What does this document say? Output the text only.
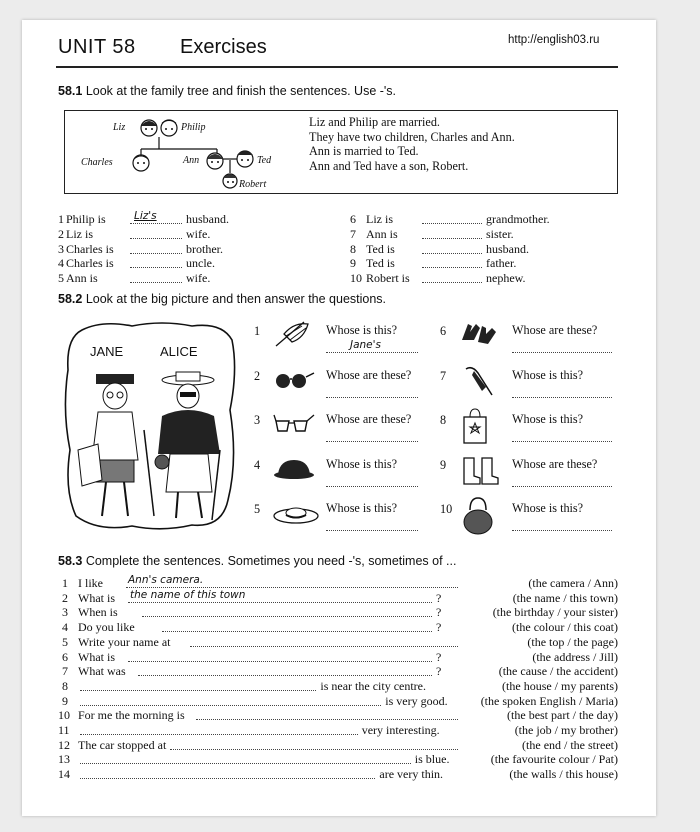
UNIT 58 Exercises	http://english03.ru
58.1 Look at the family tree and finish the sentences. Use -'s.
Liz	Philip
Charles	Ann	Ted
Robert
Liz and Philip are married.
They have two children, Charles and Ann.
Ann is married to Ted.
Ann and Ted have a son, Robert.
1 Philip is	Liz's husband.
2 Liz is	wife.
3 Charles is	brother.
4 Charles is	uncle.
5 Ann is	wife.
6 Liz is	grandmother.
7 Ann is	sister.
8 Ted is	husband.
9 Ted is	father.
10 Robert is	nephew.
58.2 Look at the big picture and then answer the questions.
JANE	ALICE
1	Whose is this?
Jane's
2	Whose are these?
3	Whose are these?
4	Whose is this?
5	Whose is this?
6	Whose are these?
7	Whose is this?
8	Whose is this?
9	Whose are these?
10	Whose is this?
58.3 Complete the sentences. Sometimes you need -'s, sometimes of ...
1 I like	(the camera / Ann)
Ann's camera.
2 What is	(the name / this town)
the name of this town	?
3 When is	(the birthday / your sister)
?
4 Do you like	(the colour / this coat)
?
5 Write your name at	(the top / the page)
6 What is	(the address / Jill)
?
7 What was	(the cause / the accident)
?
8	(the house / my parents)
is near the city centre.
9	(the spoken English / Maria)
is very good.
10 For me the morning is	(the best part / the day)
11	(the job / my brother)
very interesting.
12 The car stopped at	(the end / the street)
13	(the favourite colour / Pat)
is blue.
14	(the walls / this house)
are very thin.
